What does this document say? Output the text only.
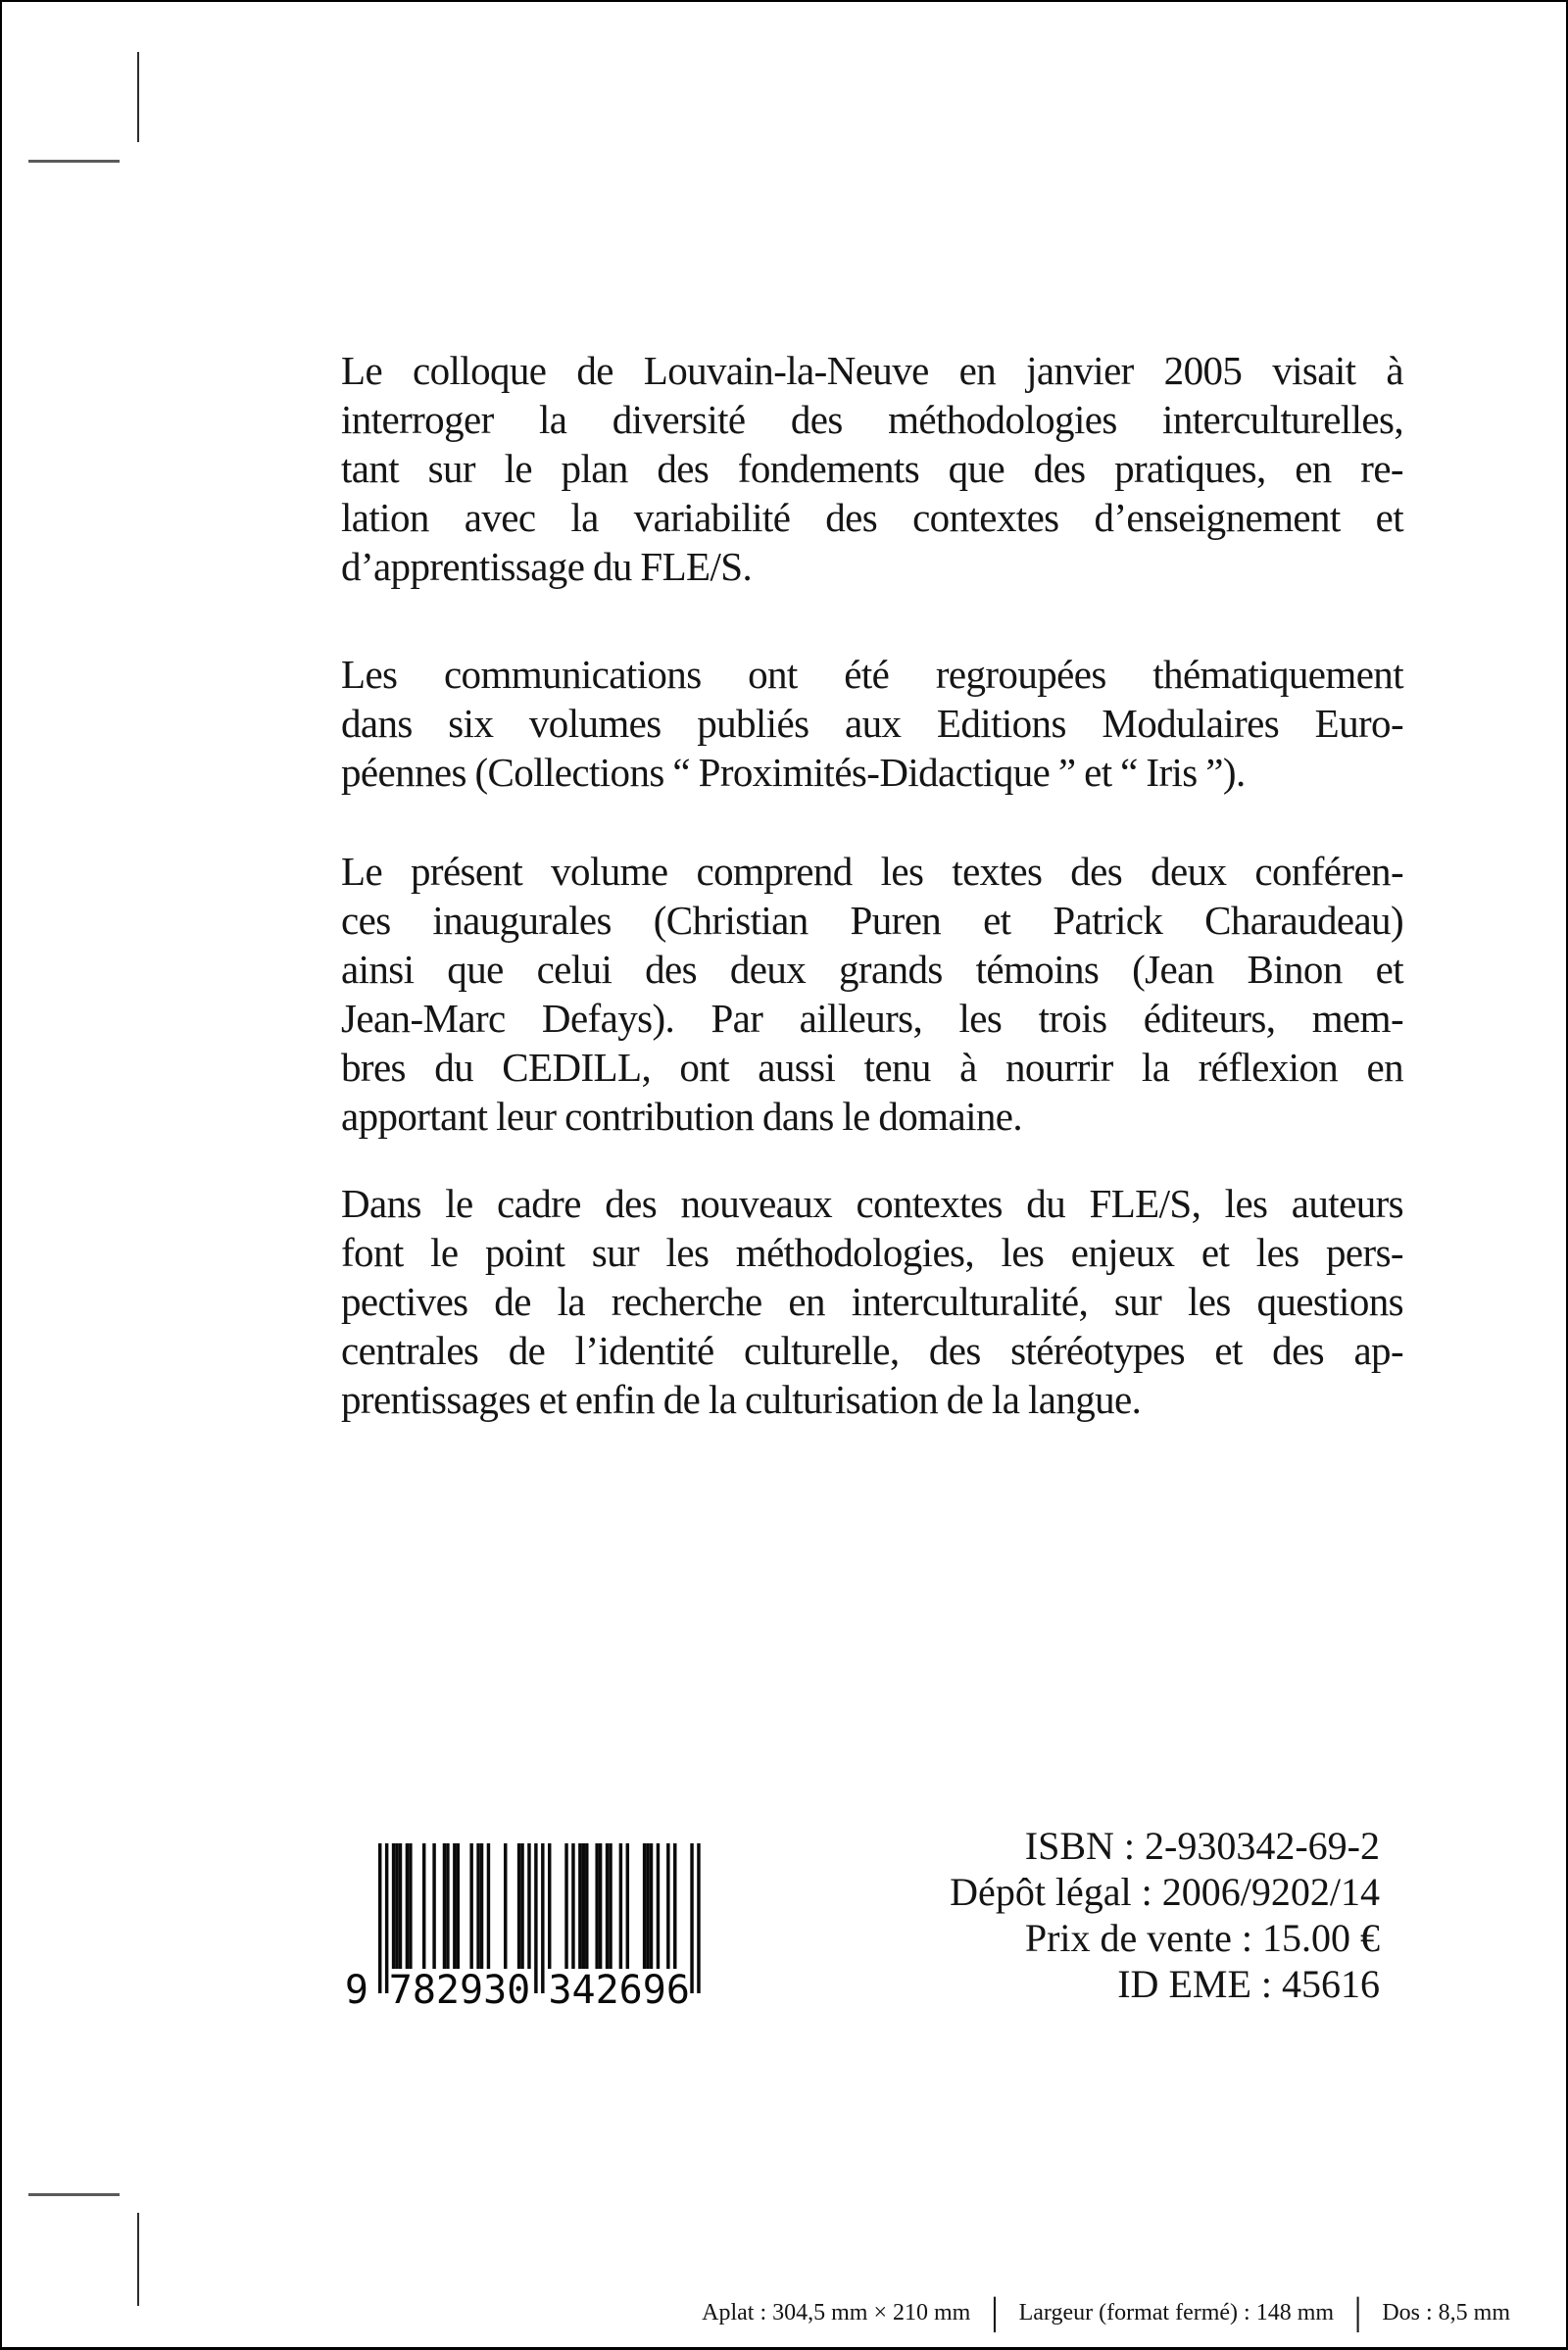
Le colloque de Louvain-la-Neuve en janvier 2005 visait à
interroger la diversité des méthodologies interculturelles,
tant sur le plan des fondements que des pratiques, en re-
lation avec la variabilité des contextes d’enseignement et
d’apprentissage du FLE/S.
Les communications ont été regroupées thématiquement
dans six volumes publiés aux Editions Modulaires Euro-
péennes (Collections “ Proximités-Didactique ” et “ Iris ”).
Le présent volume comprend les textes des deux conféren-
ces inaugurales (Christian Puren et Patrick Charaudeau)
ainsi que celui des deux grands témoins (Jean Binon et
Jean-Marc Defays). Par ailleurs, les trois éditeurs, mem-
bres du CEDILL, ont aussi tenu à nourrir la réflexion en
apportant leur contribution dans le domaine.
Dans le cadre des nouveaux contextes du FLE/S, les auteurs
font le point sur les méthodologies, les enjeux et les pers-
pectives de la recherche en interculturalité, sur les questions
centrales de l’identité culturelle, des stéréotypes et des ap-
prentissages et enfin de la culturisation de la langue.
9 782930 342696
ISBN : 2-930342-69-2
Dépôt légal : 2006/9202/14
Prix de vente : 15.00 €
ID EME : 45616
Aplat : 304,5 mm × 210 mm │ Largeur (format fermé) : 148 mm │ Dos : 8,5 mm
